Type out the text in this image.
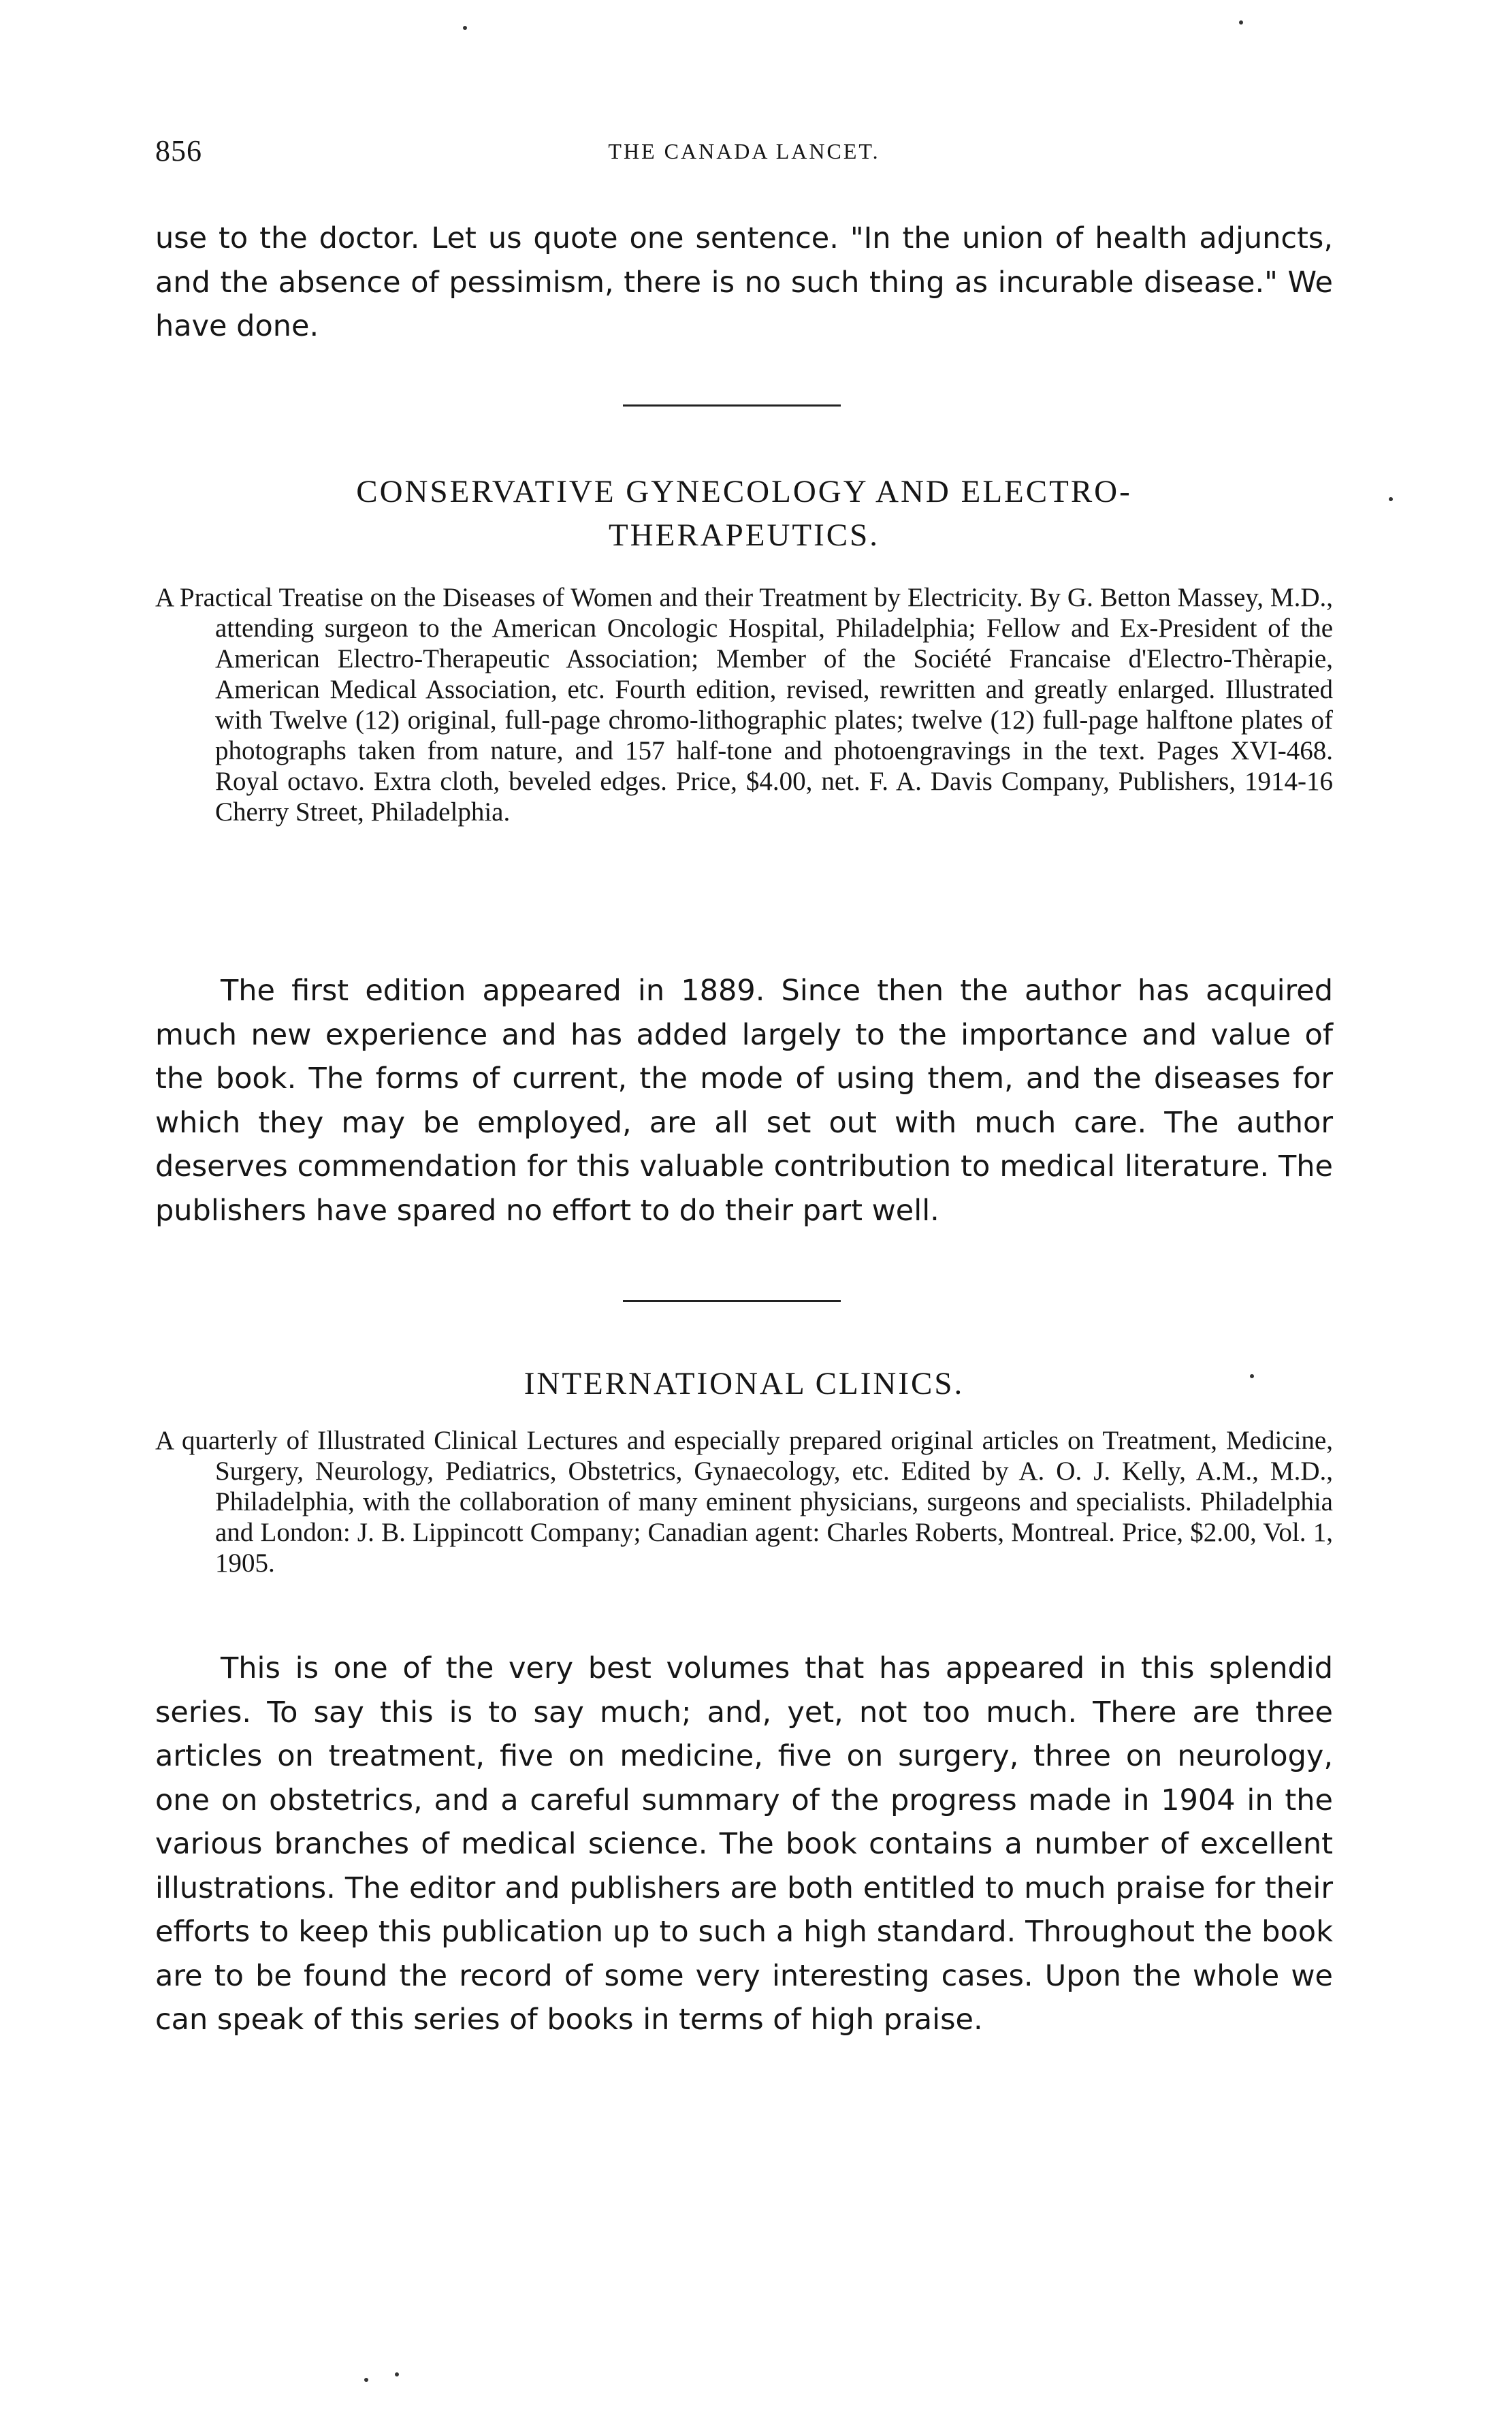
856	THE CANADA LANCET.

use to the doctor. Let us quote one sentence. "In the union of health adjuncts, and the absence of pessimism, there is no such thing as incurable disease." We have done.

CONSERVATIVE GYNECOLOGY AND ELECTRO-
THERAPEUTICS.

A Practical Treatise on the Diseases of Women and their Treatment by Electricity. By G. Betton Massey, M.D., attending surgeon to the American Oncologic Hospital, Philadelphia; Fellow and Ex-President of the American Electro-Therapeutic Association; Member of the Société Francaise d'Electro-Thèrapie, American Medical Association, etc. Fourth edition, revised, rewritten and greatly enlarged. Illustrated with Twelve (12) original, full-page chromo-lithographic plates; twelve (12) full-page halftone plates of photographs taken from nature, and 157 half-tone and photoengravings in the text. Pages XVI-468. Royal octavo. Extra cloth, beveled edges. Price, $4.00, net. F. A. Davis Company, Publishers, 1914-16 Cherry Street, Philadelphia.

The first edition appeared in 1889. Since then the author has acquired much new experience and has added largely to the importance and value of the book. The forms of current, the mode of using them, and the diseases for which they may be employed, are all set out with much care. The author deserves commendation for this valuable contribution to medical literature. The publishers have spared no effort to do their part well.

INTERNATIONAL CLINICS.

A quarterly of Illustrated Clinical Lectures and especially prepared original articles on Treatment, Medicine, Surgery, Neurology, Pediatrics, Obstetrics, Gynaecology, etc. Edited by A. O. J. Kelly, A.M., M.D., Philadelphia, with the collaboration of many eminent physicians, surgeons and specialists. Philadelphia and London: J. B. Lippincott Company; Canadian agent: Charles Roberts, Montreal. Price, $2.00, Vol. 1, 1905.

This is one of the very best volumes that has appeared in this splendid series. To say this is to say much; and, yet, not too much. There are three articles on treatment, five on medicine, five on surgery, three on neurology, one on obstetrics, and a careful summary of the progress made in 1904 in the various branches of medical science. The book contains a number of excellent illustrations. The editor and publishers are both entitled to much praise for their efforts to keep this publication up to such a high standard. Throughout the book are to be found the record of some very interesting cases. Upon the whole we can speak of this series of books in terms of high praise.
